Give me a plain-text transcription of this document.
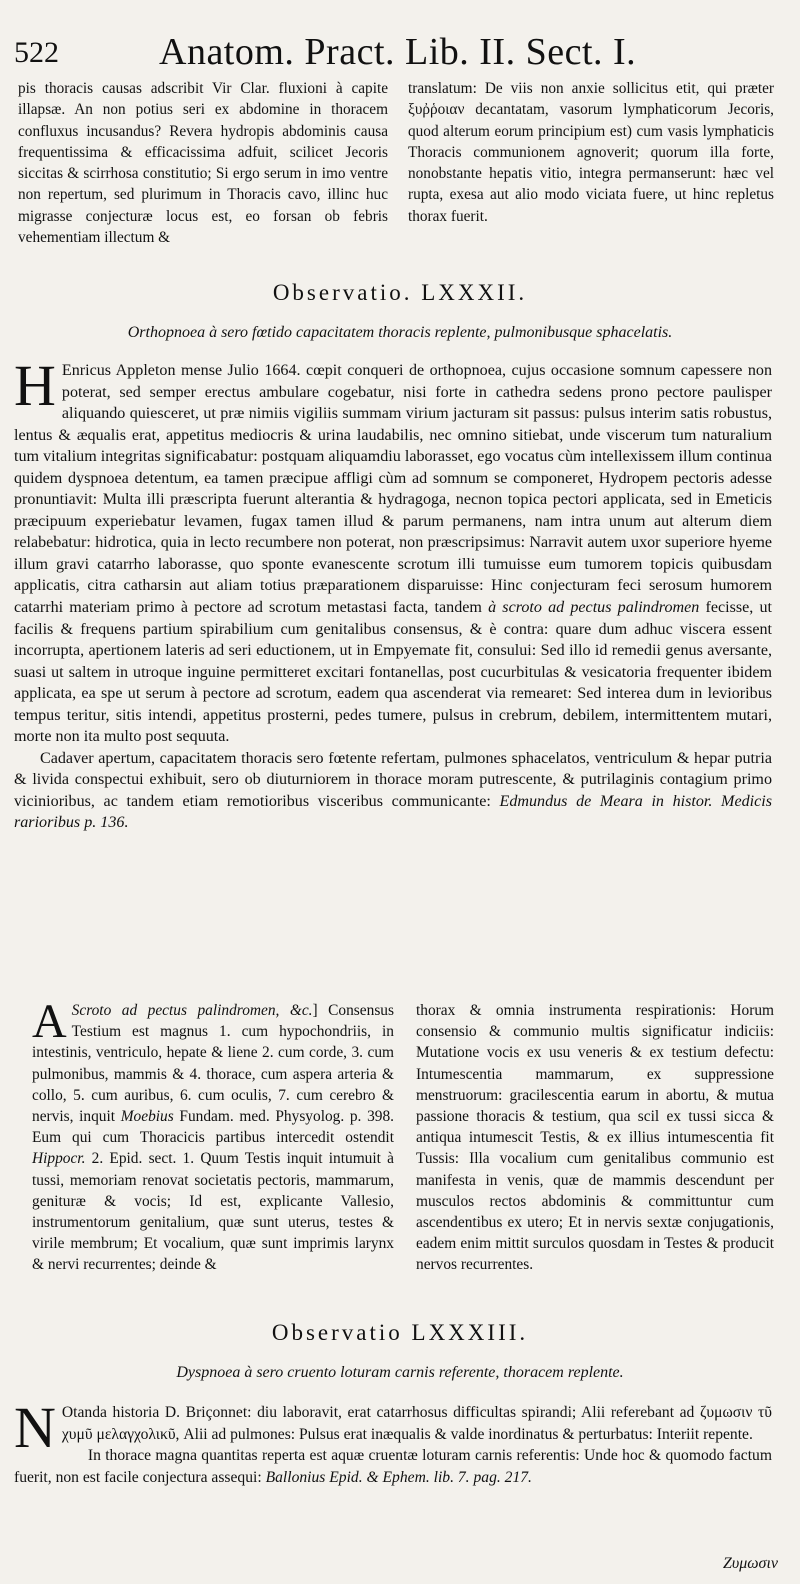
522	Anatom. Pract. Lib. II. Sect. I.

pis thoracis causas adscribit Vir Clar. fluxioni à capite illapsæ. An non potius seri ex abdomine in thoracem confluxus incusandus? Revera hydropis abdominis causa frequentissima & efficacissima adfuit, scilicet Jecoris siccitas & scirrhosa constitutio; Si ergo serum in imo ventre non repertum, sed plurimum in Thoracis cavo, illinc huc migrasse conjecturæ locus est, eo forsan ob febris vehementiam illectum &

translatum: De viis non anxie sollicitus etit, qui præter ξυῤῥοιαν decantatam, vasorum lymphaticorum Jecoris, quod alterum eorum principium est) cum vasis lymphaticis Thoracis communionem agnoverit; quorum illa forte, nonobstante hepatis vitio, integra permanserunt: hæc vel rupta, exesa aut alio modo viciata fuere, ut hinc repletus thorax fuerit.

Observatio. LXXXII.
Orthopnoea à sero fœtido capacitatem thoracis replente, pulmonibusque sphacelatis.

H Enricus Appleton mense Julio 1664. cœpit conqueri de orthopnoea, cujus occasione somnum capessere non poterat, sed semper erectus ambulare cogebatur, nisi forte in cathedra sedens prono pectore paulisper aliquando quiesceret, ut præ nimiis vigiliis summam virium jacturam sit passus: pulsus interim satis robustus, lentus & æqualis erat, appetitus mediocris & urina laudabilis, nec omnino sitiebat, unde viscerum tum naturalium tum vitalium integritas significabatur: postquam aliquamdiu laborasset, ego vocatus cùm intellexissem illum continua quidem dyspnoea detentum, ea tamen præcipue affligi cùm ad somnum se componeret, Hydropem pectoris adesse pronuntiavit: Multa illi præscripta fuerunt alterantia & hydragoga, necnon topica pectori applicata, sed in Emeticis præcipuum experiebatur levamen, fugax tamen illud & parum permanens, nam intra unum aut alterum diem relabebatur: hidrotica, quia in lecto recumbere non poterat, non præscripsimus: Narravit autem uxor superiore hyeme illum gravi catarrho laborasse, quo sponte evanescente scrotum illi tumuisse eum tumorem topicis quibusdam applicatis, citra catharsin aut aliam totius præparationem disparuisse: Hinc conjecturam feci serosum humorem catarrhi materiam primo à pectore ad scrotum metastasi facta, tandem à scroto ad pectus palindromen fecisse, ut facilis & frequens partium spirabilium cum genitalibus consensus, & è contra: quare dum adhuc viscera essent incorrupta, apertionem lateris ad seri eductionem, ut in Empyemate fit, consului: Sed illo id remedii genus aversante, suasi ut saltem in utroque inguine permitteret excitari fontanellas, post cucurbitulas & vesicatoria frequenter ibidem applicata, ea spe ut serum à pectore ad scrotum, eadem qua ascenderat via remearet: Sed interea dum in levioribus tempus teritur, sitis intendi, appetitus prosterni, pedes tumere, pulsus in crebrum, debilem, intermittentem mutari, morte non ita multo post sequuta.

Cadaver apertum, capacitatem thoracis sero fœtente refertam, pulmones sphacelatos, ventriculum & hepar putria & livida conspectui exhibuit, sero ob diuturniorem in thorace moram putrescente, & putrilaginis contagium primo vicinioribus, ac tandem etiam remotioribus visceribus communicante: Edmundus de Meara in histor. Medicis rarioribus p. 136.

A Scroto ad pectus palindromen, &c.] Consensus Testium est magnus 1. cum hypochondriis, in intestinis, ventriculo, hepate & liene 2. cum corde, 3. cum pulmonibus, mammis & 4. thorace, cum aspera arteria & collo, 5. cum auribus, 6. cum oculis, 7. cum cerebro & nervis, inquit Moebius Fundam. med. Physyolog. p. 398. Eum qui cum Thoracicis partibus intercedit ostendit Hippocr. 2. Epid. sect. 1. Quum Testis inquit intumuit à tussi, memoriam renovat societatis pectoris, mammarum, genituræ & vocis; Id est, explicante Vallesio, instrumentorum genitalium, quæ sunt uterus, testes & virile membrum; Et vocalium, quæ sunt imprimis larynx & nervi recurrentes; deinde &

thorax & omnia instrumenta respirationis: Horum consensio & communio multis significatur indiciis: Mutatione vocis ex usu veneris & ex testium defectu: Intumescentia mammarum, ex suppressione menstruorum: gracilescentia earum in abortu, & mutua passione thoracis & testium, qua scil ex tussi sicca & antiqua intumescit Testis, & ex illius intumescentia fit Tussis: Illa vocalium cum genitalibus communio est manifesta in venis, quæ de mammis descendunt per musculos rectos abdominis & committuntur cum ascendentibus ex utero; Et in nervis sextæ conjugationis, eadem enim mittit surculos quosdam in Testes & producit nervos recurrentes.

Observatio LXXXIII.
Dyspnoea à sero cruento loturam carnis referente, thoracem replente.

N Otanda historia D. Briçonnet: diu laboravit, erat catarrhosus difficultas spirandi; Alii referebant ad ζυμωσιν τῦ χυμῦ μελαγχολικῦ, Alii ad pulmones: Pulsus erat inæqualis & valde inordinatus & perturbatus: Interiit repente.

In thorace magna quantitas reperta est aquæ cruentæ loturam carnis referentis: Unde hoc & quomodo factum fuerit, non est facile conjectura assequi: Ballonius Epid. & Ephem. lib. 7. pag. 217.

Ζυμωσιν
